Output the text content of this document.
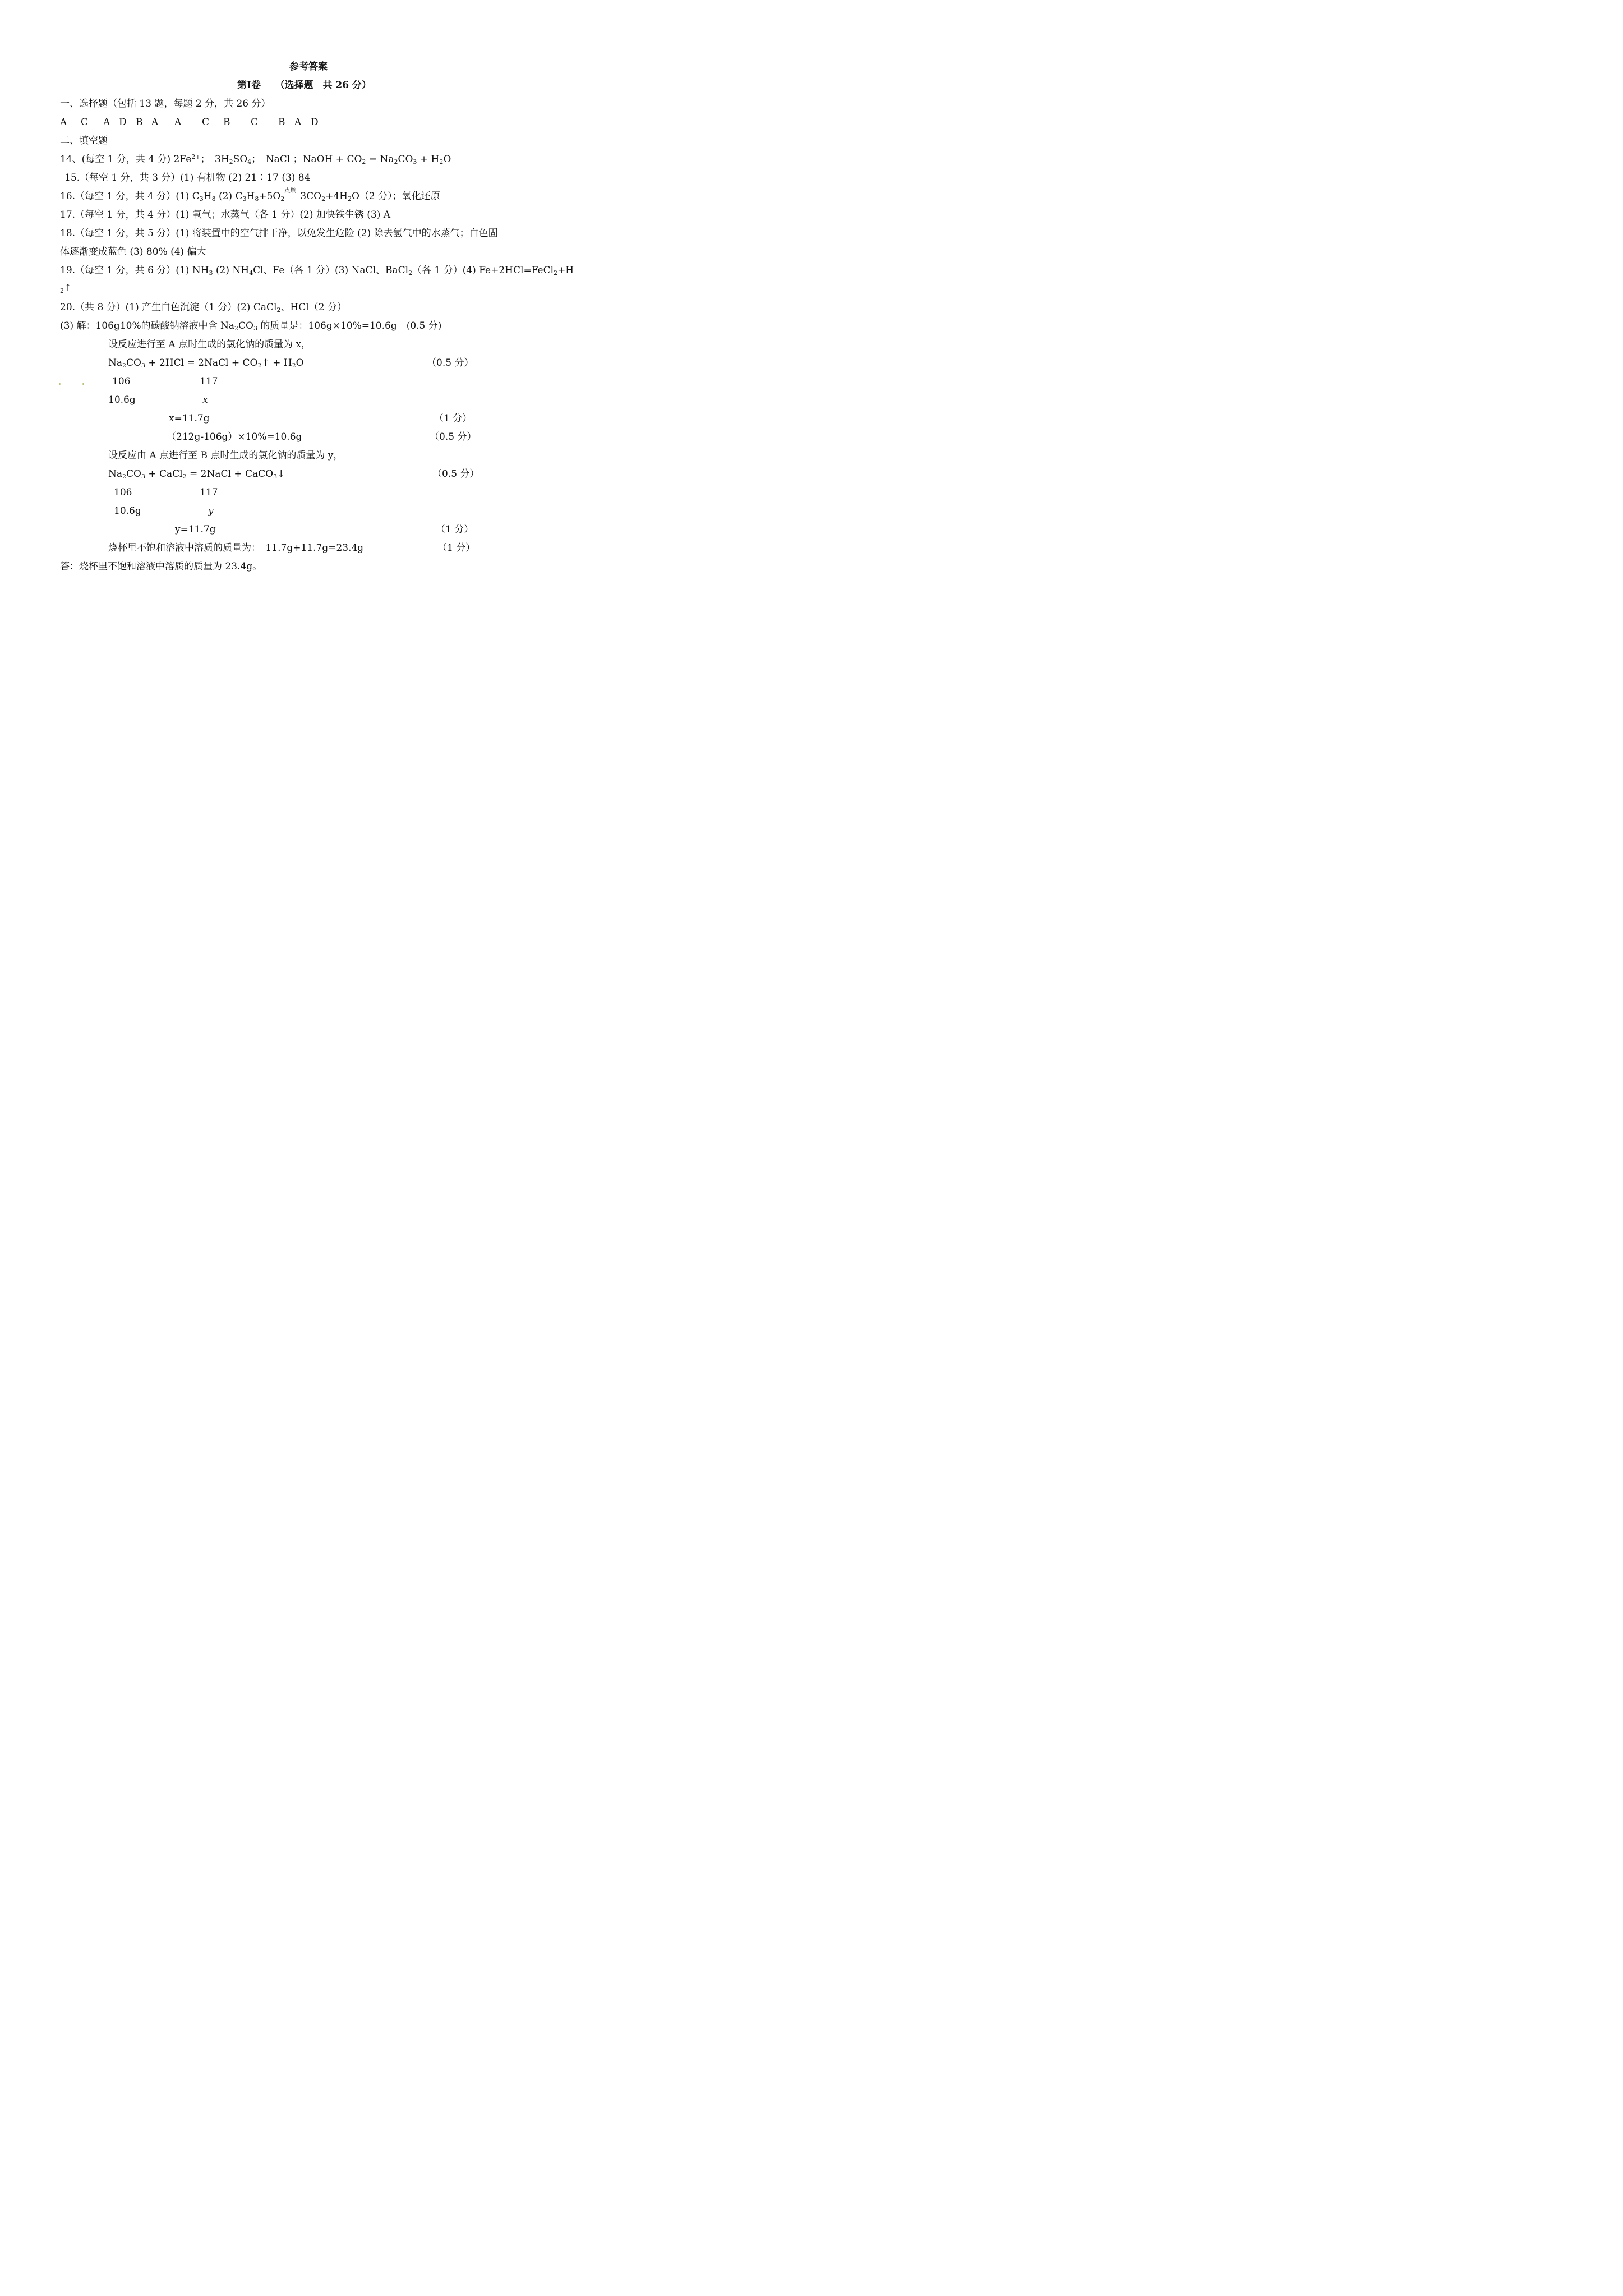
参考答案
第Ⅰ卷　　（选择题　共 26 分）
一、选择题（包括 13 题，每题 2 分，共 26 分）
A C A D B A A C B C B A D
二、填空题
14、(每空 1 分，共 4 分) $2Fe^{2+}$；　$3H_2SO_4$；　NaCl ；NaOH + $CO_2 = Na_2CO_3 + H_2O$
15.（每空 1 分，共 3 分）(1) 有机物 (2) 21∶17 (3) 84
16.（每空 1 分，共 4 分）(1) $C_3H_8$ (2) $C_3H_8+5O_2$
点燃 $3CO_2+4H_2O(2$ 分）；氧化还原
17.（每空 1 分，共 4 分）(1) 氧气；水蒸气（各 1 分）(2) 加快铁生锈 (3) A
18.（每空 1 分，共 5 分）(1) 将装置中的空气排干净，以免发生危险 (2) 除去氢气中的水蒸气；白色固
体逐渐变成蓝色 (3) 80% (4) 偏大
19.（每空 1 分，共 6 分）(1) $NH_3$ (2) $NH_4Cl$、Fe（各 1 分）(3) NaCl、BaCl$_2$（各 1 分）(4) Fe+2HCl=FeCl$_2$+H
$_2$↑
20.（共 8 分）(1) 产生白色沉淀（1 分）(2) CaCl$_2$、HCl（2 分）
(3) 解：106g10%的碳酸钠溶液中含 $Na_2CO_3$ 的质量是：106g×10%=10.6g　(0.5 分)
设反应进行至 A 点时生成的氯化钠的质量为 x，
$Na_2CO_3 + 2HCl$ = 2NaCl + $CO_2↑ + H_2O$	（0.5 分）
106	117
10.6g	x
x=11.7g	（1 分）
（212g-106g）×10%=10.6g	（0.5 分）
设反应由 A 点进行至 B 点时生成的氯化钠的质量为 y，
$Na_2CO_3$ + CaCl$_2$ = 2NaCl + CaCO$_3$↓	（0.5 分）
106	117
10.6g	y
y=11.7g	（1 分）
烧杯里不饱和溶液中溶质的质量为：　11.7g+11.7g=23.4g	（1 分）
答：烧杯里不饱和溶液中溶质的质量为 23.4g。
